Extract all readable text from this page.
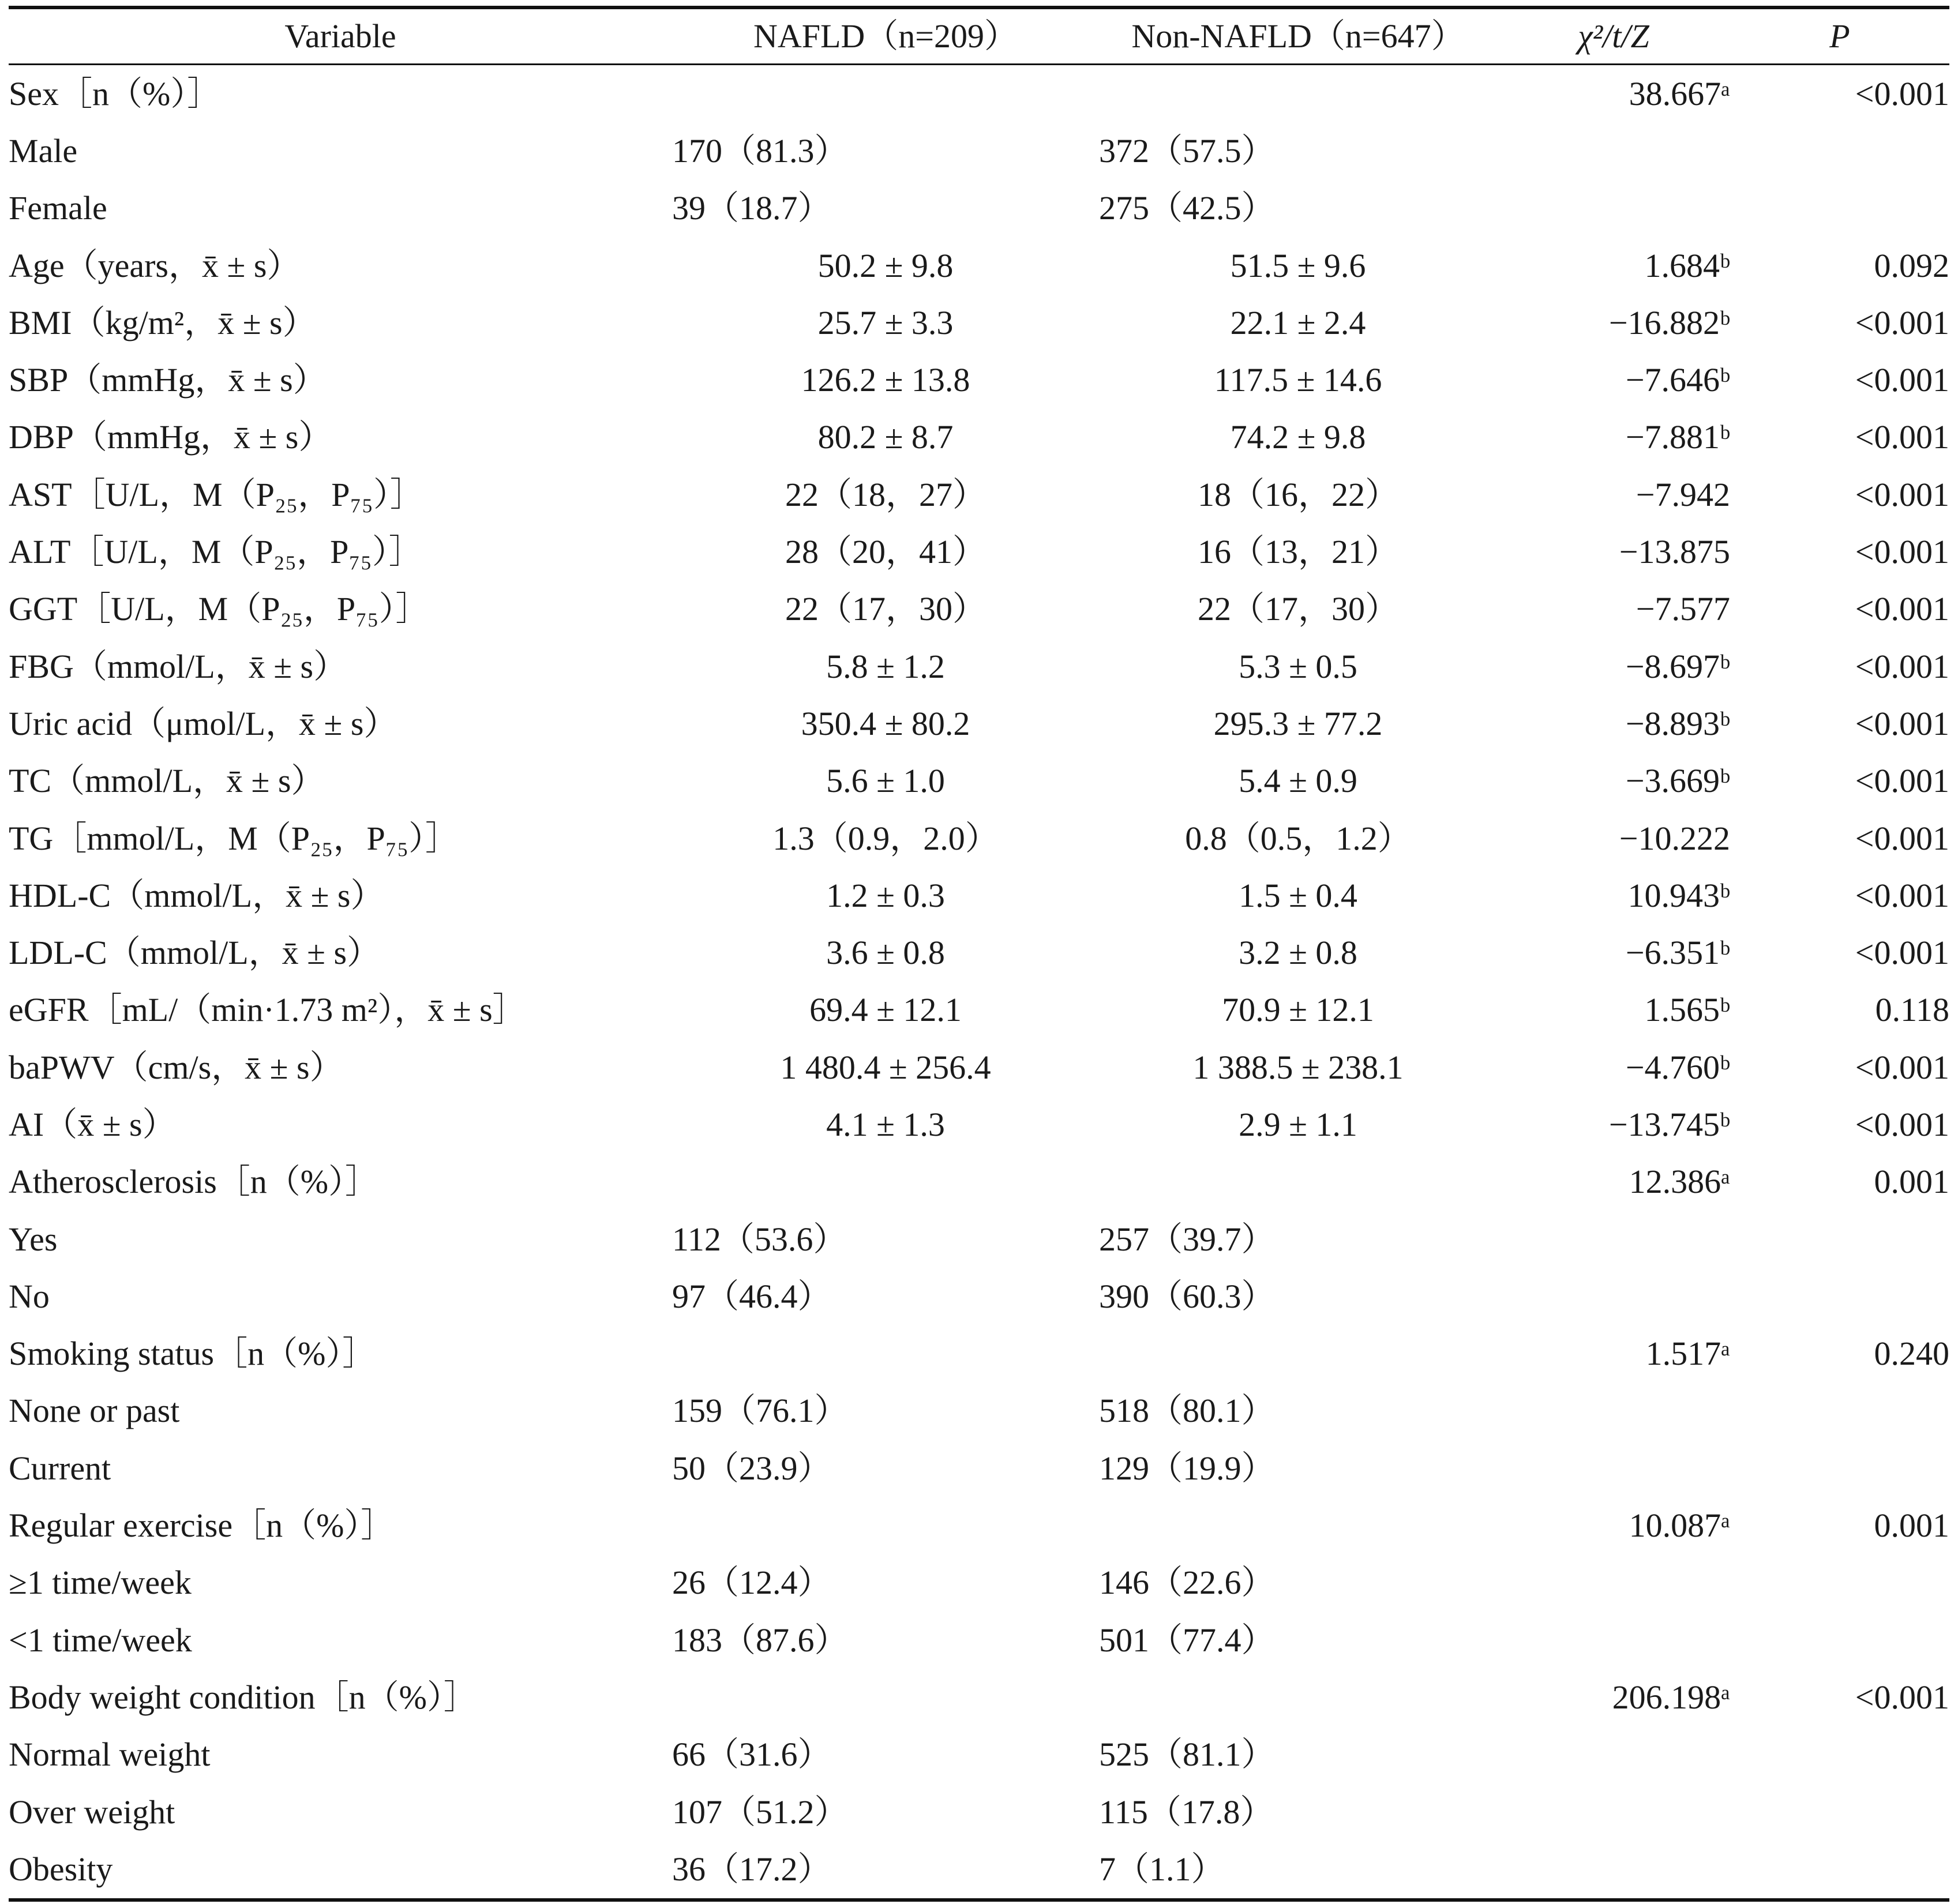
Variable	NAFLD（n=209）	Non-NAFLD（n=647）	χ²/t/Z	P
Sex［n（%）］			38.667ᵃ	<0.001
Male	170（81.3）	372（57.5）		
Female	39（18.7）	275（42.5）		
Age（years，x̄ ± s）	50.2 ± 9.8	51.5 ± 9.6	1.684ᵇ	0.092
BMI（kg/m²，x̄ ± s）	25.7 ± 3.3	22.1 ± 2.4	−16.882ᵇ	<0.001
SBP（mmHg，x̄ ± s）	126.2 ± 13.8	117.5 ± 14.6	−7.646ᵇ	<0.001
DBP（mmHg，x̄ ± s）	80.2 ± 8.7	74.2 ± 9.8	−7.881ᵇ	<0.001
AST［U/L，M（P₂₅，P₇₅）］	22（18，27）	18（16，22）	−7.942	<0.001
ALT［U/L，M（P₂₅，P₇₅）］	28（20，41）	16（13，21）	−13.875	<0.001
GGT［U/L，M（P₂₅，P₇₅）］	22（17，30）	22（17，30）	−7.577	<0.001
FBG（mmol/L，x̄ ± s）	5.8 ± 1.2	5.3 ± 0.5	−8.697ᵇ	<0.001
Uric acid（μmol/L，x̄ ± s）	350.4 ± 80.2	295.3 ± 77.2	−8.893ᵇ	<0.001
TC（mmol/L，x̄ ± s）	5.6 ± 1.0	5.4 ± 0.9	−3.669ᵇ	<0.001
TG［mmol/L，M（P₂₅，P₇₅）］	1.3（0.9，2.0）	0.8（0.5，1.2）	−10.222	<0.001
HDL-C（mmol/L，x̄ ± s）	1.2 ± 0.3	1.5 ± 0.4	10.943ᵇ	<0.001
LDL-C（mmol/L，x̄ ± s）	3.6 ± 0.8	3.2 ± 0.8	−6.351ᵇ	<0.001
eGFR［mL/（min·1.73 m²），x̄ ± s］	69.4 ± 12.1	70.9 ± 12.1	1.565ᵇ	0.118
baPWV（cm/s，x̄ ± s）	1 480.4 ± 256.4	1 388.5 ± 238.1	−4.760ᵇ	<0.001
AI（x̄ ± s）	4.1 ± 1.3	2.9 ± 1.1	−13.745ᵇ	<0.001
Atherosclerosis［n（%）］			12.386ᵃ	0.001
Yes	112（53.6）	257（39.7）		
No	97（46.4）	390（60.3）		
Smoking status［n（%）］			1.517ᵃ	0.240
None or past	159（76.1）	518（80.1）		
Current	50（23.9）	129（19.9）		
Regular exercise［n（%）］			10.087ᵃ	0.001
≥1 time/week	26（12.4）	146（22.6）		
<1 time/week	183（87.6）	501（77.4）		
Body weight condition［n（%）］			206.198ᵃ	<0.001
Normal weight	66（31.6）	525（81.1）		
Over weight	107（51.2）	115（17.8）		
Obesity	36（17.2）	7（1.1）		
